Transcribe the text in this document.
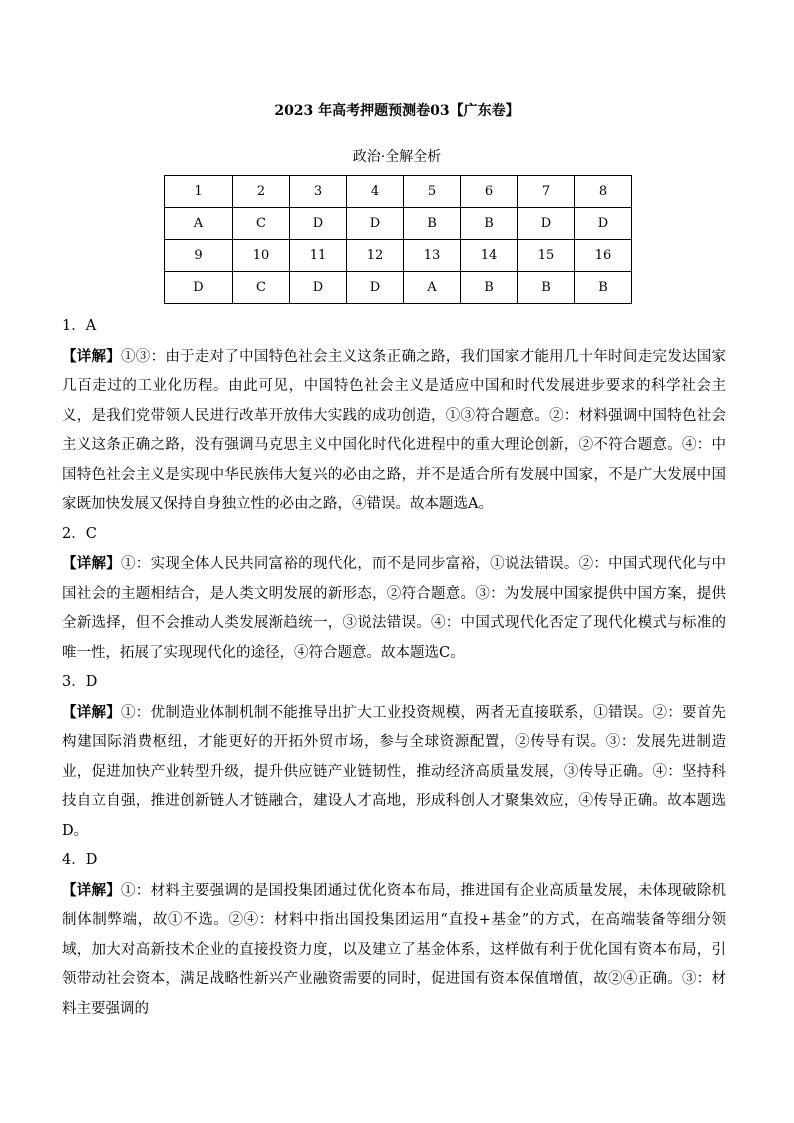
2023 年高考押题预测卷03【广东卷】
政治·全解全析
1	2	3	4	5	6	7	8
A	C	D	D	B	B	D	D
9	10	11	12	13	14	15	16
D	C	D	D	A	B	B	B

1．A

【详解】①③：由于走对了中国特色社会主义这条正确之路，我们国家才能用几十年时间走完发达国家几百走过的工业化历程。由此可见，中国特色社会主义是适应中国和时代发展进步要求的科学社会主义，是我们党带领人民进行改革开放伟大实践的成功创造，①③符合题意。②：材料强调中国特色社会主义这条正确之路，没有强调马克思主义中国化时代化进程中的重大理论创新，②不符合题意。④：中国特色社会主义是实现中华民族伟大复兴的必由之路，并不是适合所有发展中国家，不是广大发展中国家既加快发展又保持自身独立性的必由之路，④错误。故本题选A。

2．C

【详解】①：实现全体人民共同富裕的现代化，而不是同步富裕，①说法错误。②：中国式现代化与中国社会的主题相结合，是人类文明发展的新形态，②符合题意。③：为发展中国家提供中国方案，提供全新选择，但不会推动人类发展渐趋统一，③说法错误。④：中国式现代化否定了现代化模式与标准的唯一性，拓展了实现现代化的途径，④符合题意。故本题选C。

3．D

【详解】①：优制造业体制机制不能推导出扩大工业投资规模，两者无直接联系，①错误。②：要首先构建国际消费枢纽，才能更好的开拓外贸市场，参与全球资源配置，②传导有误。③：发展先进制造业，促进加快产业转型升级，提升供应链产业链韧性，推动经济高质量发展，③传导正确。④：坚持科技自立自强，推进创新链人才链融合，建设人才高地，形成科创人才聚集效应，④传导正确。故本题选D。

4．D

【详解】①：材料主要强调的是国投集团通过优化资本布局，推进国有企业高质量发展，未体现破除机制体制弊端，故①不选。②④：材料中指出国投集团运用“直投+基金”的方式，在高端装备等细分领域，加大对高新技术企业的直接投资力度，以及建立了基金体系，这样做有利于优化国有资本布局，引领带动社会资本，满足战略性新兴产业融资需要的同时，促进国有资本保值增值，故②④正确。③：材料主要强调的
